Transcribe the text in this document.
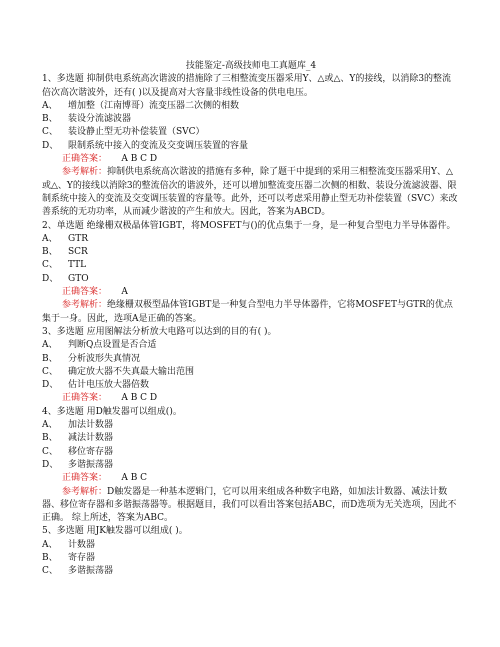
技能鉴定-高级技师电工真题库_4
1、多选题 抑制供电系统高次谐波的措施除了三相整流变压器采用Y、△或△、Y的接线，以消除3的整流倍次高次谐波外，还有( )以及提高对大容量非线性设备的供电电压。
A、 增加整（江南博哥）流变压器二次侧的相数
B、 装设分流滤波器
C、 装设静止型无功补偿装置（SVC）
D、 限制系统中接入的变流及交变调压装置的容量
正确答案： A B C D
参考解析：抑制供电系统高次谐波的措施有多种，除了题干中提到的采用三相整流变压器采用Y、△或△、Y的接线以消除3的整流倍次的谐波外，还可以增加整流变压器二次侧的相数、装设分流滤波器、限制系统中接入的变流及交变调压装置的容量等。此外，还可以考虑采用静止型无功补偿装置（SVC）来改善系统的无功功率，从而减少谐波的产生和放大。因此，答案为ABCD。
2、单选题 绝缘栅双极晶体管IGBT，将MOSFET与()的优点集于一身，是一种复合型电力半导体器件。
A、 GTR
B、 SCR
C、 TTL
D、 GTO
正确答案： A
参考解析：绝缘栅双极型晶体管IGBT是一种复合型电力半导体器件，它将MOSFET与GTR的优点集于一身。因此，选项A是正确的答案。
3、多选题 应用图解法分析放大电路可以达到的目的有( )。
A、 判断Q点设置是否合适
B、 分析波形失真情况
C、 确定放大器不失真最大输出范围
D、 估计电压放大器倍数
正确答案： A B C D
4、多选题 用D触发器可以组成()。
A、 加法计数器
B、 减法计数器
C、 移位寄存器
D、 多谐振荡器
正确答案： A B C
参考解析：D触发器是一种基本逻辑门，它可以用来组成各种数字电路，如加法计数器、减法计数器、移位寄存器和多谐振荡器等。根据题目，我们可以看出答案包括ABC，而D选项为无关选项，因此不正确。 综上所述，答案为ABC。
5、多选题 用JK触发器可以组成( )。
A、 计数器
B、 寄存器
C、 多谐振荡器
